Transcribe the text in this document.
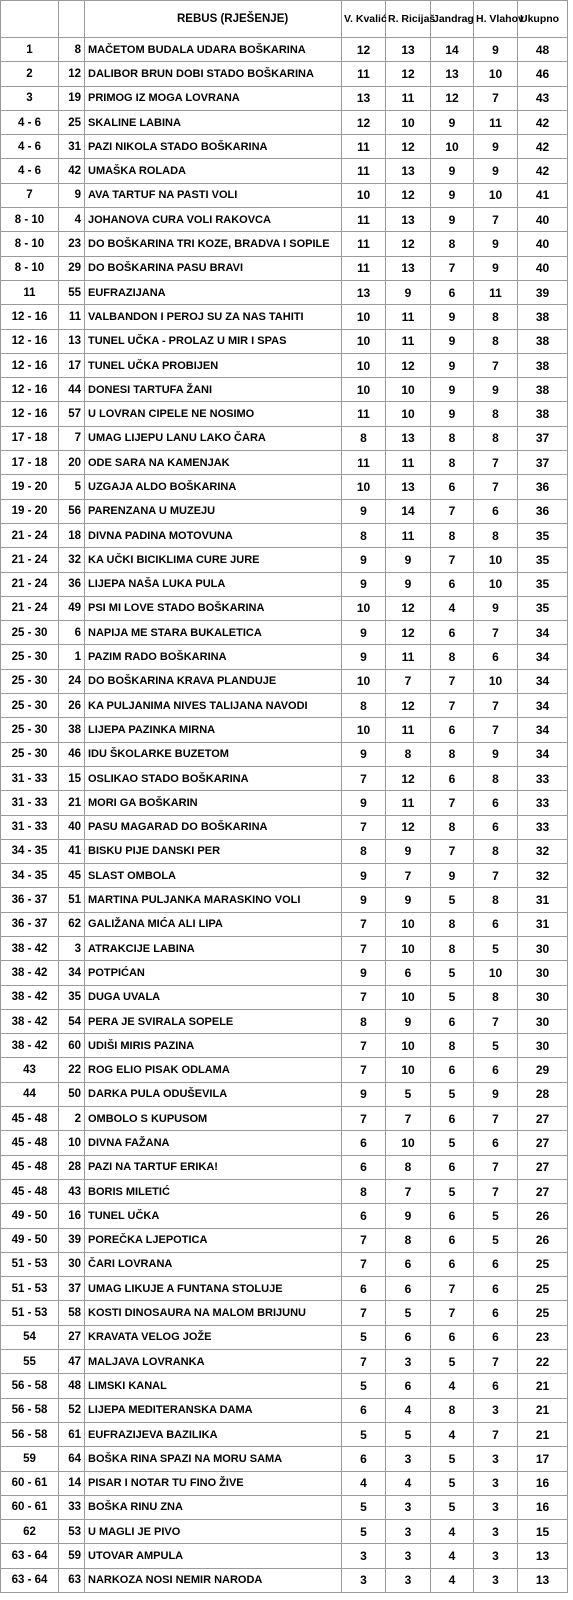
		REBUS (RJEŠENJE)	V. Kvalić	R. Ricijaš	Jandrag	H. Vlahov	Ukupno
1	8	MAČETOM BUDALA UDARA BOŠKARINA	12	13	14	9	48
2	12	DALIBOR BRUN DOBI STADO BOŠKARINA	11	12	13	10	46
3	19	PRIMOG IZ MOGA LOVRANA	13	11	12	7	43
4 - 6	25	SKALINE LABINA	12	10	9	11	42
4 - 6	31	PAZI NIKOLA STADO BOŠKARINA	11	12	10	9	42
4 - 6	42	UMAŠKA ROLADA	11	13	9	9	42
7	9	AVA TARTUF NA PASTI VOLI	10	12	9	10	41
8 - 10	4	JOHANOVA CURA VOLI RAKOVCA	11	13	9	7	40
8 - 10	23	DO BOŠKARINA TRI KOZE, BRADVA I SOPILE	11	12	8	9	40
8 - 10	29	DO BOŠKARINA PASU BRAVI	11	13	7	9	40
11	55	EUFRAZIJANA	13	9	6	11	39
12 - 16	11	VALBANDON I PEROJ SU ZA NAS TAHITI	10	11	9	8	38
12 - 16	13	TUNEL UČKA - PROLAZ U MIR I SPAS	10	11	9	8	38
12 - 16	17	TUNEL UČKA PROBIJEN	10	12	9	7	38
12 - 16	44	DONESI TARTUFA ŽANI	10	10	9	9	38
12 - 16	57	U LOVRAN CIPELE NE NOSIMO	11	10	9	8	38
17 - 18	7	UMAG LIJEPU LANU LAKO ČARA	8	13	8	8	37
17 - 18	20	ODE SARA NA KAMENJAK	11	11	8	7	37
19 - 20	5	UZGAJA ALDO BOŠKARINA	10	13	6	7	36
19 - 20	56	PARENZANA U MUZEJU	9	14	7	6	36
21 - 24	18	DIVNA PADINA MOTOVUNA	8	11	8	8	35
21 - 24	32	KA UČKI BICIKLIMA CURE JURE	9	9	7	10	35
21 - 24	36	LIJEPA NAŠA LUKA PULA	9	9	6	10	35
21 - 24	49	PSI MI LOVE STADO BOŠKARINA	10	12	4	9	35
25 - 30	6	NAPIJA ME STARA BUKALETICA	9	12	6	7	34
25 - 30	1	PAZIM RADO BOŠKARINA	9	11	8	6	34
25 - 30	24	DO BOŠKARINA KRAVA PLANDUJE	10	7	7	10	34
25 - 30	26	KA PULJANIMA NIVES TALIJANA NAVODI	8	12	7	7	34
25 - 30	38	LIJEPA PAZINKA MIRNA	10	11	6	7	34
25 - 30	46	IDU ŠKOLARKE BUZETOM	9	8	8	9	34
31 - 33	15	OSLIKAO STADO BOŠKARINA	7	12	6	8	33
31 - 33	21	MORI GA BOŠKARIN	9	11	7	6	33
31 - 33	40	PASU MAGARAD DO BOŠKARINA	7	12	8	6	33
34 - 35	41	BISKU PIJE DANSKI PER	8	9	7	8	32
34 - 35	45	SLAST OMBOLA	9	7	9	7	32
36 - 37	51	MARTINA PULJANKA MARASKINO VOLI	9	9	5	8	31
36 - 37	62	GALIŽANA MIĆA ALI LIPA	7	10	8	6	31
38 - 42	3	ATRAKCIJE LABINA	7	10	8	5	30
38 - 42	34	POTPIĆAN	9	6	5	10	30
38 - 42	35	DUGA UVALA	7	10	5	8	30
38 - 42	54	PERA JE SVIRALA SOPELE	8	9	6	7	30
38 - 42	60	UDIŠI MIRIS PAZINA	7	10	8	5	30
43	22	ROG ELIO PISAK ODLAMA	7	10	6	6	29
44	50	DARKA PULA ODUŠEVILA	9	5	5	9	28
45 - 48	2	OMBOLO S KUPUSOM	7	7	6	7	27
45 - 48	10	DIVNA FAŽANA	6	10	5	6	27
45 - 48	28	PAZI NA TARTUF ERIKA!	6	8	6	7	27
45 - 48	43	BORIS MILETIĆ	8	7	5	7	27
49 - 50	16	TUNEL UČKA	6	9	6	5	26
49 - 50	39	POREČKA LJEPOTICA	7	8	6	5	26
51 - 53	30	ČARI LOVRANA	7	6	6	6	25
51 - 53	37	UMAG LIKUJE A FUNTANA STOLUJE	6	6	7	6	25
51 - 53	58	KOSTI DINOSAURA NA MALOM BRIJUNU	7	5	7	6	25
54	27	KRAVATA VELOG JOŽE	5	6	6	6	23
55	47	MALJAVA LOVRANKA	7	3	5	7	22
56 - 58	48	LIMSKI KANAL	5	6	4	6	21
56 - 58	52	LIJEPA MEDITERANSKA DAMA	6	4	8	3	21
56 - 58	61	EUFRAZIJEVA BAZILIKA	5	5	4	7	21
59	64	BOŠKA RINA SPAZI NA MORU SAMA	6	3	5	3	17
60 - 61	14	PISAR I NOTAR TU FINO ŽIVE	4	4	5	3	16
60 - 61	33	BOŠKA RINU ZNA	5	3	5	3	16
62	53	U MAGLI JE PIVO	5	3	4	3	15
63 - 64	59	UTOVAR AMPULA	3	3	4	3	13
63 - 64	63	NARKOZA NOSI NEMIR NARODA	3	3	4	3	13
